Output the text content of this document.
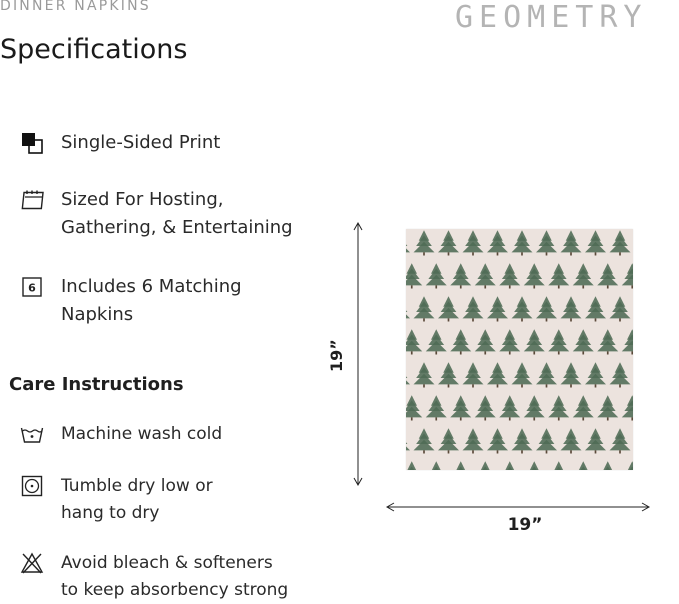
DINNER NAPKINS	GEOMETRY
Specifications
Single-Sided Print
Sized For Hosting,
Gathering, & Entertaining
6 Includes 6 Matching
Napkins
Care Instructions
Machine wash cold
Tumble dry low or
hang to dry
Avoid bleach & softeners
to keep absorbency strong
19”
19”
